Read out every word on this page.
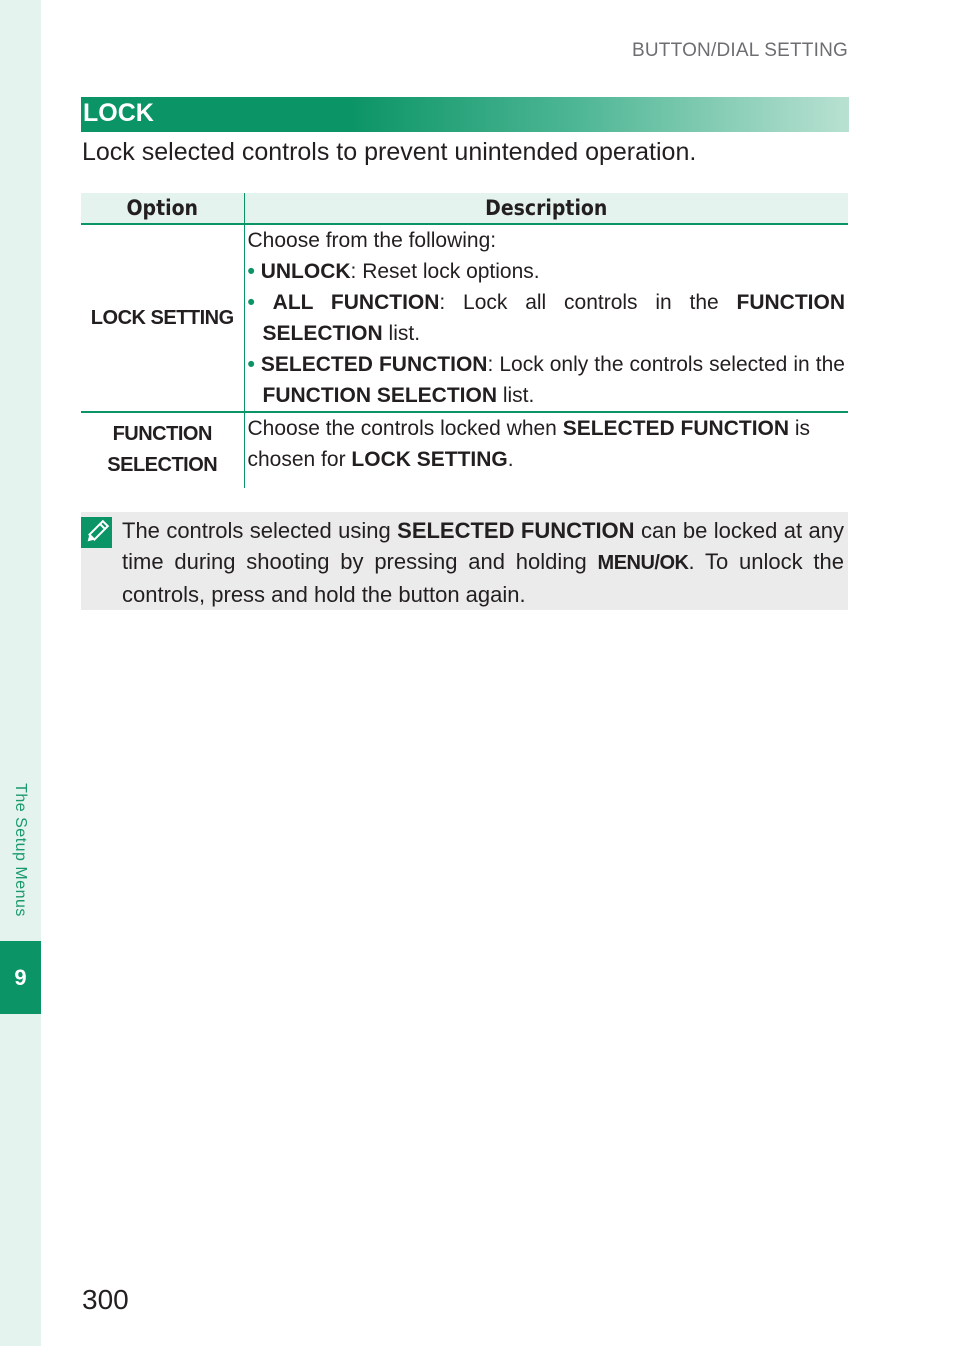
The Setup Menus
9
BUTTON/DIAL SETTING
LOCK
Lock selected controls to prevent unintended operation.
Option	Description
LOCK SETTING	Choose from the following:
• UNLOCK: Reset lock options.
• ALL FUNCTION: Lock all controls in the FUNCTION SELECTION list.
• SELECTED FUNCTION: Lock only the controls selected in the FUNCTION SELECTION list.

FUNCTION
SELECTION	Choose the controls locked when SELECTED FUNCTION is chosen for LOCK SETTING.
The controls selected using SELECTED FUNCTION can be locked at any time during shooting by pressing and holding MENU/OK. To unlock the controls, press and hold the button again.
300
